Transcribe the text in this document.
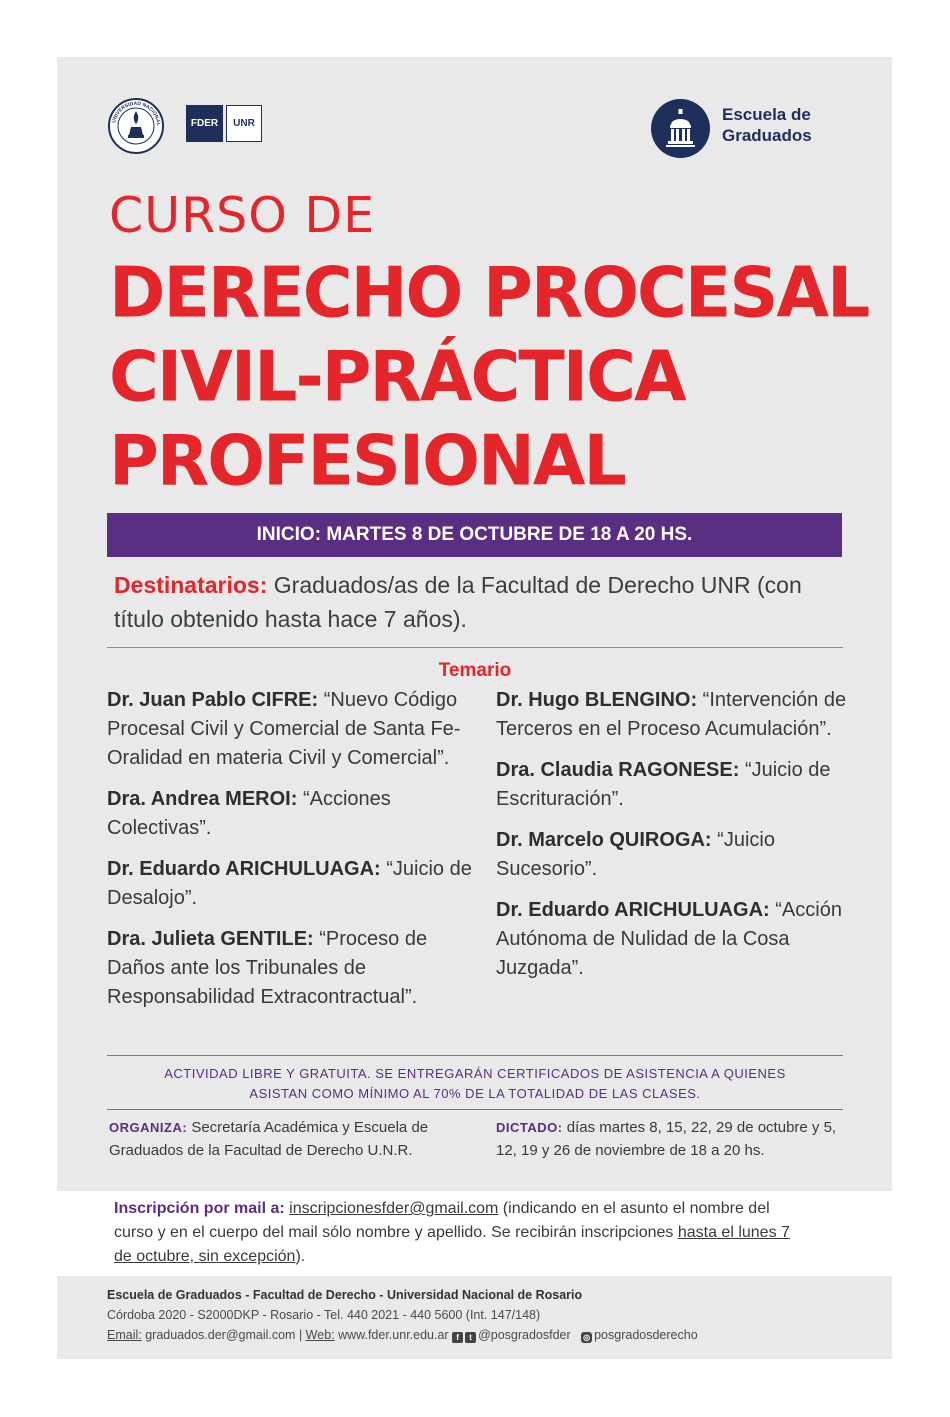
UNIVERSIDAD NACIONAL	FDER	UNR	Escuela de
Graduados
CURSO DE
DERECHO PROCESAL
CIVIL-PRÁCTICA
PROFESIONAL
INICIO: MARTES 8 DE OCTUBRE DE 18 A 20 HS.
Destinatarios: Graduados/as de la Facultad de Derecho UNR (con título obtenido hasta hace 7 años).
Temario
Dr. Juan Pablo CIFRE: “Nuevo Código Procesal Civil y Comercial de Santa Fe-Oralidad en materia Civil y Comercial”.
Dra. Andrea MEROI: “Acciones Colectivas”.
Dr. Eduardo ARICHULUAGA: “Juicio de Desalojo”.
Dra. Julieta GENTILE: “Proceso de Daños ante los Tribunales de Responsabilidad Extracontractual”.
Dr. Hugo BLENGINO: “Intervención de Terceros en el Proceso Acumulación”.
Dra. Claudia RAGONESE: “Juicio de Escrituración”.
Dr. Marcelo QUIROGA: “Juicio Sucesorio”.
Dr. Eduardo ARICHULUAGA: “Acción Autónoma de Nulidad de la Cosa Juzgada”.
ACTIVIDAD LIBRE Y GRATUITA. SE ENTREGARÁN CERTIFICADOS DE ASISTENCIA A QUIENES
ASISTAN COMO MÍNIMO AL 70% DE LA TOTALIDAD DE LAS CLASES.
ORGANIZA: Secretaría Académica y Escuela de Graduados de la Facultad de Derecho U.N.R.
DICTADO: días martes 8, 15, 22, 29 de octubre y 5, 12, 19 y 26 de noviembre de 18 a 20 hs.
Inscripción por mail a: inscripcionesfder@gmail.com (indicando en el asunto el nombre del curso y en el cuerpo del mail sólo nombre y apellido. Se recibirán inscripciones hasta el lunes 7 de octubre, sin excepción).
Escuela de Graduados - Facultad de Derecho - Universidad Nacional de Rosario
Córdoba 2020 - S2000DKP - Rosario - Tel. 440 2021 - 440 5600 (Int. 147/148)
Email: graduados.der@gmail.com | Web: www.fder.unr.edu.ar f t @posgradosfder ◎ posgradosderecho
